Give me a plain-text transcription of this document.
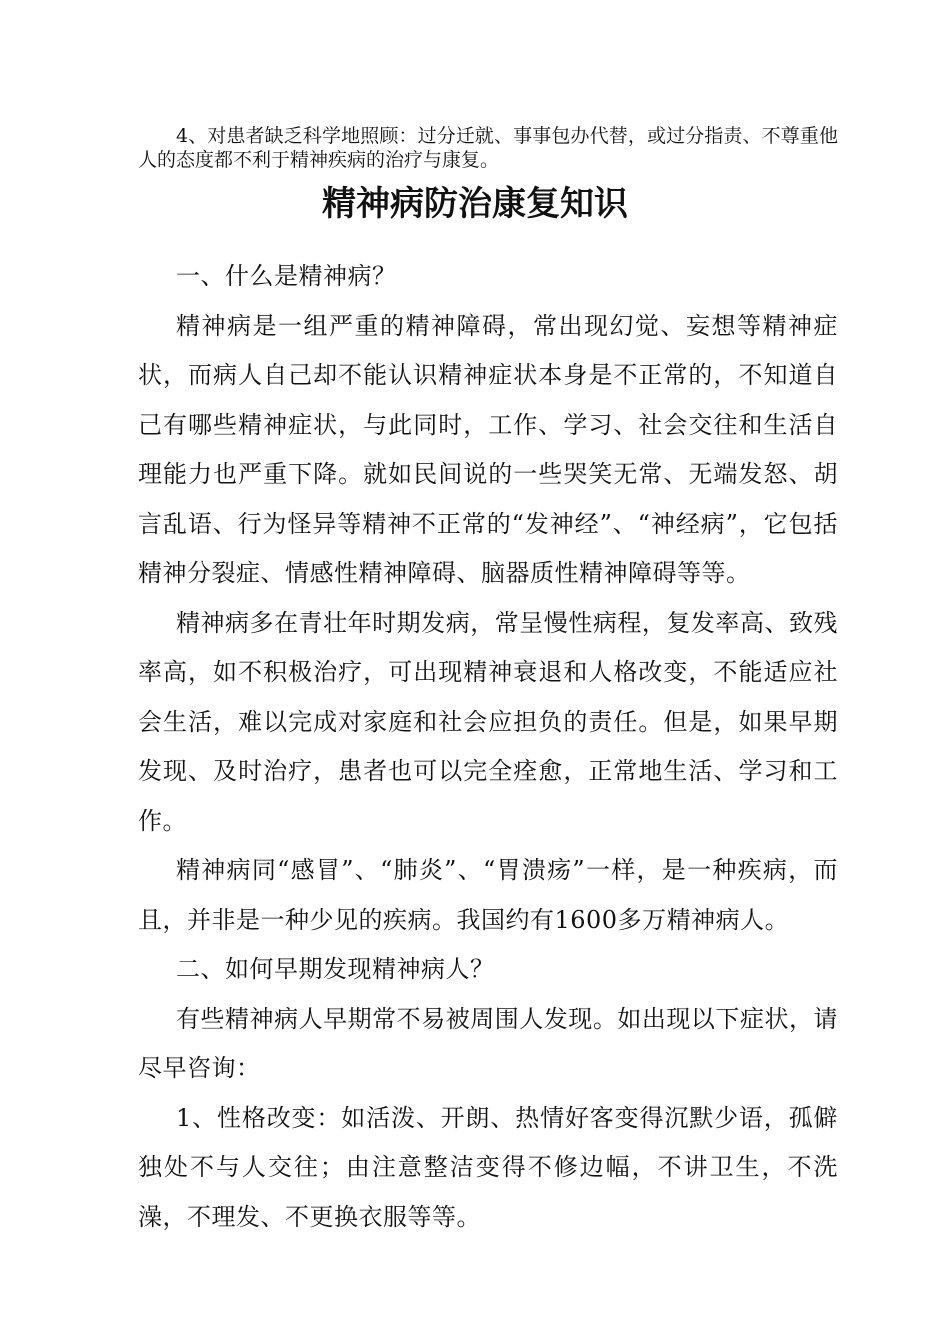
4、对患者缺乏科学地照顾：过分迁就、事事包办代替，或过分指责、不尊重他人的态度都不利于精神疾病的治疗与康复。

精神病防治康复知识

一、什么是精神病？

精神病是一组严重的精神障碍，常出现幻觉、妄想等精神症状，而病人自己却不能认识精神症状本身是不正常的，不知道自己有哪些精神症状，与此同时，工作、学习、社会交往和生活自理能力也严重下降。就如民间说的一些哭笑无常、无端发怒、胡言乱语、行为怪异等精神不正常的“发神经”、“神经病”，它包括精神分裂症、情感性精神障碍、脑器质性精神障碍等等。

精神病多在青壮年时期发病，常呈慢性病程，复发率高、致残率高，如不积极治疗，可出现精神衰退和人格改变，不能适应社会生活，难以完成对家庭和社会应担负的责任。但是，如果早期发现、及时治疗，患者也可以完全痊愈，正常地生活、学习和工作。

精神病同“感冒”、“肺炎”、“胃溃疡”一样，是一种疾病，而且，并非是一种少见的疾病。我国约有1600多万精神病人。

二、如何早期发现精神病人？

有些精神病人早期常不易被周围人发现。如出现以下症状，请尽早咨询：

1、性格改变：如活泼、开朗、热情好客变得沉默少语，孤僻独处不与人交往；由注意整洁变得不修边幅，不讲卫生，不洗澡，不理发、不更换衣服等等。
